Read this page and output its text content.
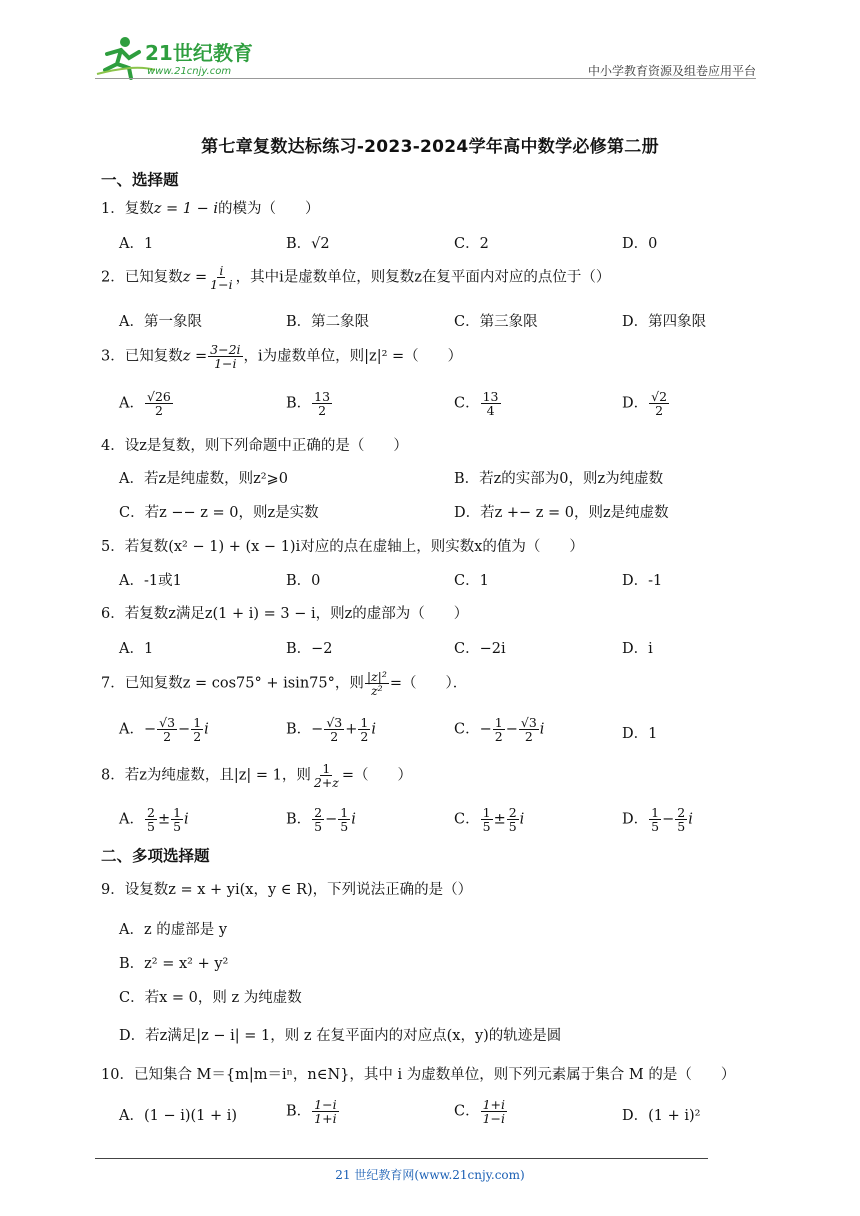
21世纪教育
www.21cnjy.com	中小学教育资源及组卷应用平台
第七章复数达标练习-2023-2024学年高中数学必修第二册
一、选择题
1．复数z = 1 − i的模为（　　）
A．1	B．√2	C．2	D．0
2．已知复数$z = \frac{i}{1-i}$ ，其中i是虚数单位，则复数z在复平面内对应的点位于（）
A．第一象限	B．第二象限	C．第三象限	D．第四象限
3．已知复数$z = \frac{3-2i}{1-i}$ ，i为虚数单位，则|z|² =（　　）
A． $\frac{√26}{2}$	B． $\frac{13}{2}$	C． $\frac{13}{4}$	D． $\frac{√2}{2}$
4．设z是复数，则下列命题中正确的是（　　）
A．若z是纯虚数，则z²⩾0	B．若z的实部为0，则z为纯虚数
C．若z −− z = 0，则z是实数	D．若z +− z = 0，则z是纯虚数
5．若复数(x² − 1) + (x − 1)i对应的点在虚轴上，则实数x的值为（　　）
A．-1或1	B．0	C．1	D．-1
6．若复数z满足z(1 + i) = 3 − i，则z的虚部为（　　）
A．1	B．−2	C．−2i	D．i
7．已知复数z = cos75° + isin75°，则 $\frac{\text{|z|²}}{\text{z²}}$ =（　　）．
A．− $\frac{√3}{2} - \frac{1}{2}$ i	B．− $\frac{√3}{2} + \frac{1}{2}$ i	C．− $\frac{1}{2} - \frac{√3}{2}$ i	D．1
8．若z为纯虚数，且|z| = 1，则 $\frac{1}{2+z}$ =（　　）
A． $\frac{2}{5} \pm \frac{1}{5}$ i	B． $\frac{2}{5} - \frac{1}{5}$ i	C． $\frac{1}{5} \pm \frac{2}{5}$ i	D． $\frac{1}{5} - \frac{2}{5}$ i
二、多项选择题
9．设复数z = x + yi(x，y ∈ R)，下列说法正确的是（）
A．z 的虚部是 y
B．z² = x² + y²
C．若x = 0，则 z 为纯虚数
D．若z满足|z − i| = 1，则 z 在复平面内的对应点(x，y)的轨迹是圆
10．已知集合 M＝{m|m＝iⁿ，n∈N}，其中 i 为虚数单位，则下列元素属于集合 M 的是（　　）
A．(1 − i)(1 + i)	B． $\frac{1-i}{1+i}$	C． $\frac{1+i}{1-i}$	D．(1 + i)²
21 世纪教育网(www.21cnjy.com)
